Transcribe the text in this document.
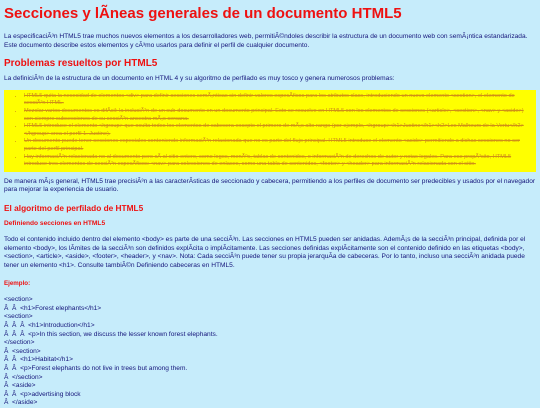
Secciones y lÃneas generales de un documento HTML5

La especificaciÃ³n HTML5 trae muchos nuevos elementos a los desarrolladores web, permitiÃ©ndoles describir la estructura de un documento web con semÃ¡ntica estandarizada. Este documento describe estos elementos y cÃ³mo usarlos para definir el perfil de cualquier documento.

Problemas resueltos por HTML5

La definiciÃ³n de la estructura de un documento en HTML 4 y su algoritmo de perfilado es muy tosco y genera numerosos problemas:

• HTML5 quita la necesidad de elementos <div> para definir secciones semÃ¡nticas sin definir valores especÃficos para los atributos class, introduciendo un nuevo elemento <section>, el elemento de secciÃ³n HTML.
• Mezclar varios documentos es difÃcil: la inclusiÃ³n de un sub-documento en un documento principal. Esto se resuelve en HTML5 con los elementos de secciones (<article>, <section>, <nav> y <aside>) son siempre subsecciones de su secciÃ³n ancestra mÃ¡s cercana.
• HTML5 introduce el elemento <hgroup> que oculta todos los elementos de cabecera excepto el primero de mÃ¡s alto rango (por ejemplo, <hgroup><h1>Justine</h1><h2>Les Malheurs de la Vertu</h2></hgroup> crea el perfil 1. Justine).
• Un documento puede tener secciones especiales conteniendo informaciÃ³n relacionada que no es parte del flujo principal. HTML5 introduce el elemento <aside> permitiendo a dichas secciones no ser parte del perfil principal.
• Hay informaciÃ³n relacionada no al documento pero sÃ al sitio entero, como logos, menÃºs, tablas de contenidos, o informaciÃ³n de derechos de autor y notas legales. Para ese propÃ³sito, HTML5 introduce tres elementos de secciÃ³n especÃficos: <nav> para colecciones de enlaces, como una tabla de contenidos, <footer> y <header> para informaciÃ³n relacionada con el sitio.

De manera mÃ¡s general, HTML5 trae precisiÃ³n a las caracterÃsticas de seccionado y cabecera, permitiendo a los perfiles de documento ser predecibles y usados por el navegador para mejorar la experiencia de usuario.

El algoritmo de perfilado de HTML5
Definiendo secciones en HTML5

Todo el contenido incluido dentro del elemento <body> es parte de una secciÃ³n. Las secciones en HTML5 pueden ser anidadas. AdemÃ¡s de la secciÃ³n principal, definida por el elemento <body>, los lÃmites de la secciÃ³n son definidos explÃcita o implÃcitamente. Las secciones definidas explÃcitamente son el contenido definido en las etiquetas <body>, <section>, <article>, <aside>, <footer>, <header>, y <nav>. Nota: Cada secciÃ³n puede tener su propia jerarquÃa de cabeceras. Por lo tanto, incluso una secciÃ³n anidada puede tener un elemento <h1>. Consulte tambiÃ©n Definiendo cabeceras en HTML5.

Ejemplo:
<section>
Â  Â  <h1>Forest elephants</h1>
<section>
Â  Â  Â  <h1>Introduction</h1>
Â  Â  Â  <p>In this section, we discuss the lesser known forest elephants.
</section>
Â  <section>
Â  Â  <h1>Habitat</h1>
Â  Â  <p>Forest elephants do not live in trees but among them.
Â  </section>
Â  <aside>
Â  Â  <p>advertising block
Â  </aside>
